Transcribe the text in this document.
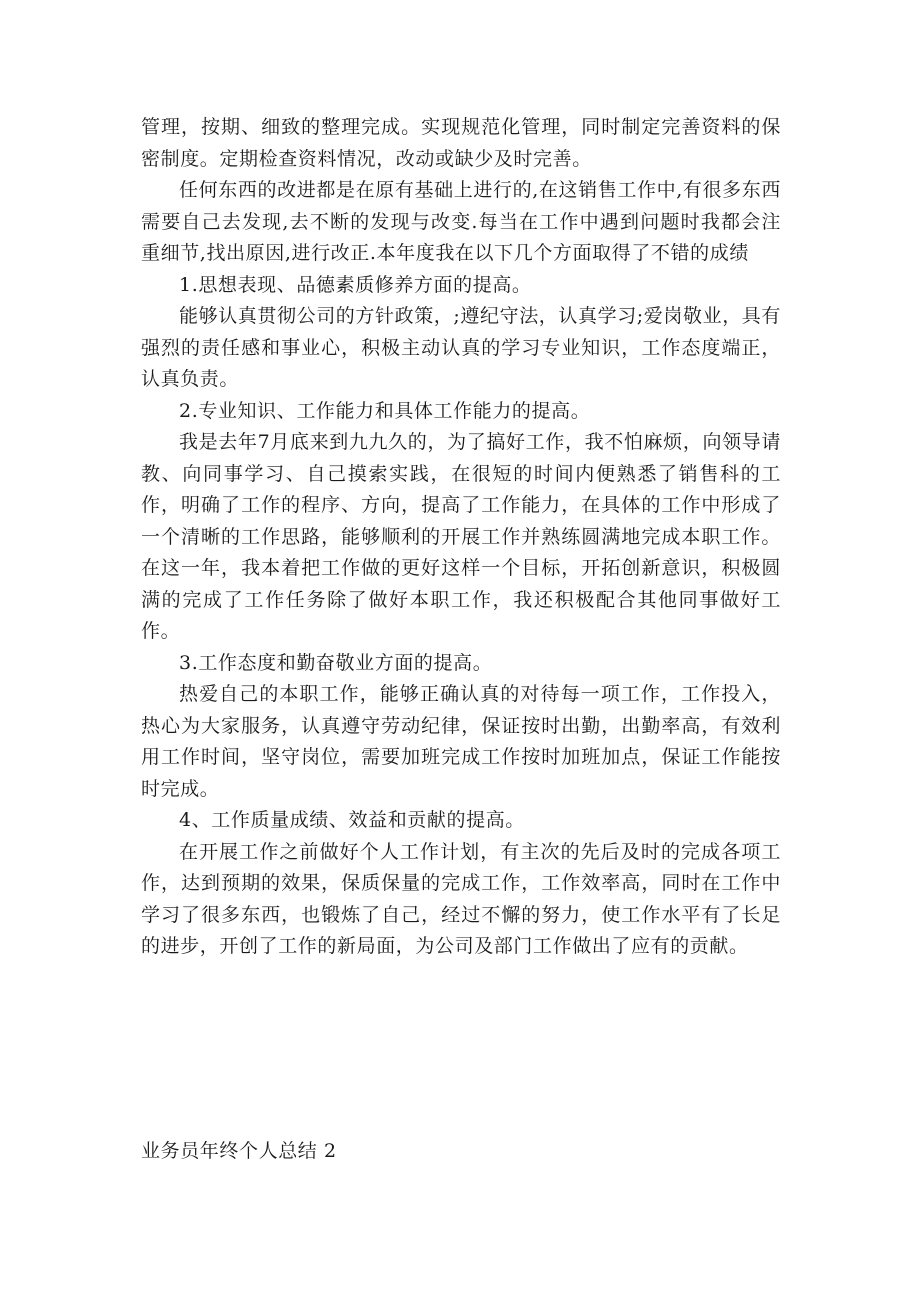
管理，按期、细致的整理完成。实现规范化管理，同时制定完善资料的保密制度。定期检查资料情况，改动或缺少及时完善。

任何东西的改进都是在原有基础上进行的,在这销售工作中,有很多东西需要自己去发现,去不断的发现与改变.每当在工作中遇到问题时我都会注重细节,找出原因,进行改正.本年度我在以下几个方面取得了不错的成绩

1.思想表现、品德素质修养方面的提高。

能够认真贯彻公司的方针政策，;遵纪守法，认真学习;爱岗敬业，具有强烈的责任感和事业心，积极主动认真的学习专业知识，工作态度端正，认真负责。

2.专业知识、工作能力和具体工作能力的提高。

我是去年7月底来到九九久的，为了搞好工作，我不怕麻烦，向领导请教、向同事学习、自己摸索实践，在很短的时间内便熟悉了销售科的工作，明确了工作的程序、方向，提高了工作能力，在具体的工作中形成了一个清晰的工作思路，能够顺利的开展工作并熟练圆满地完成本职工作。在这一年，我本着把工作做的更好这样一个目标，开拓创新意识，积极圆满的完成了工作任务除了做好本职工作，我还积极配合其他同事做好工作。

3.工作态度和勤奋敬业方面的提高。

热爱自己的本职工作，能够正确认真的对待每一项工作，工作投入，热心为大家服务，认真遵守劳动纪律，保证按时出勤，出勤率高，有效利用工作时间，坚守岗位，需要加班完成工作按时加班加点，保证工作能按时完成。

4、工作质量成绩、效益和贡献的提高。

在开展工作之前做好个人工作计划，有主次的先后及时的完成各项工作，达到预期的效果，保质保量的完成工作，工作效率高，同时在工作中学习了很多东西，也锻炼了自己，经过不懈的努力，使工作水平有了长足的进步，开创了工作的新局面，为公司及部门工作做出了应有的贡献。

业务员年终个人总结 2
